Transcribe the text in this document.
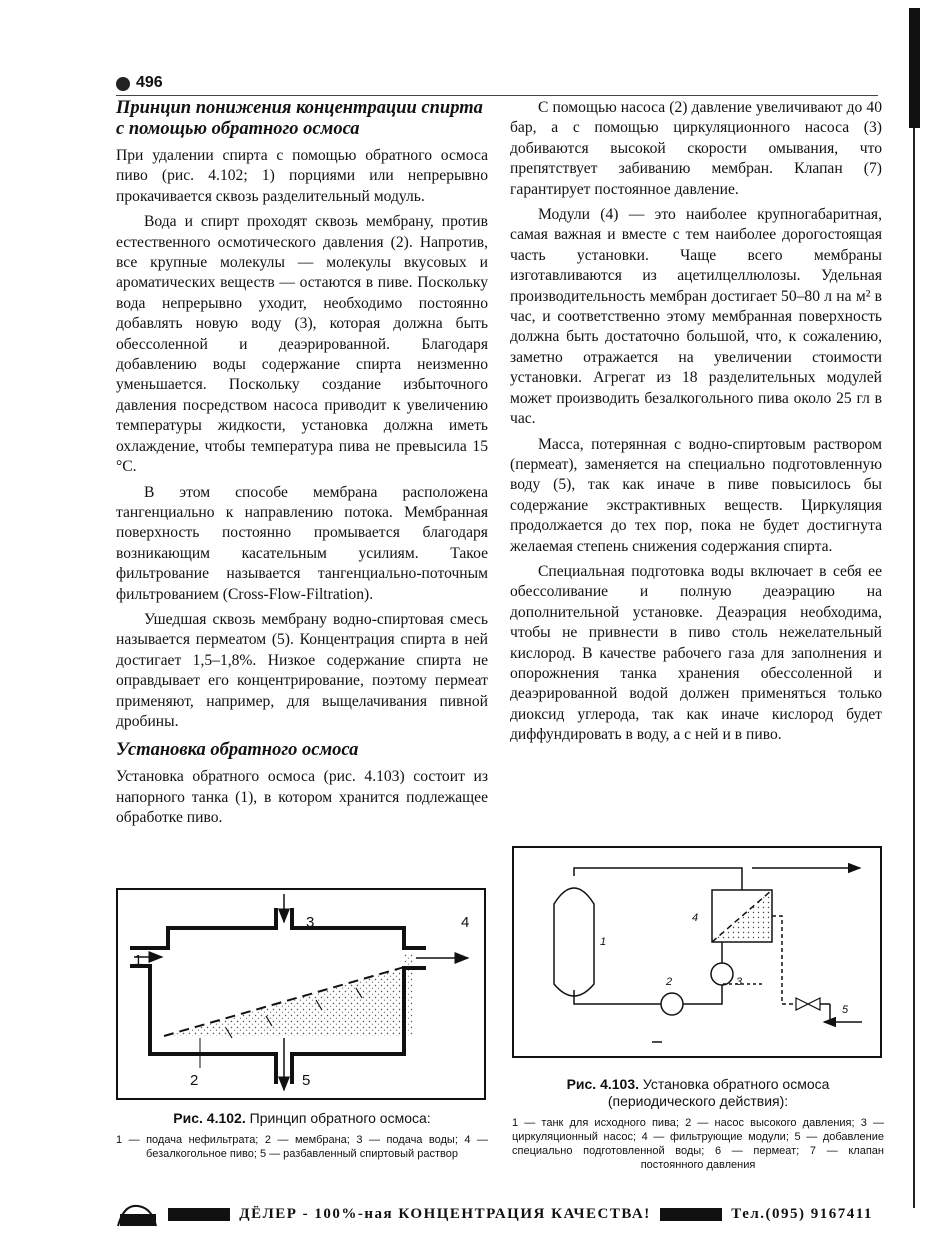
496
Принцип понижения концентрации спирта с помощью обратного осмоса

При удалении спирта с помощью обратного осмоса пиво (рис. 4.102; 1) порциями или непрерывно прокачивается сквозь разделительный модуль.

Вода и спирт проходят сквозь мембрану, против естественного осмотического давления (2). Напротив, все крупные молекулы — молекулы вкусовых и ароматических веществ — остаются в пиве. Поскольку вода непрерывно уходит, необходимо постоянно добавлять новую воду (3), которая должна быть обессоленной и деаэрированной. Благодаря добавлению воды содержание спирта неизменно уменьшается. Поскольку создание избыточного давления посредством насоса приводит к увеличению температуры жидкости, установка должна иметь охлаждение, чтобы температура пива не превысила 15 °С.

В этом способе мембрана расположена тангенциально к направлению потока. Мембранная поверхность постоянно промывается благодаря возникающим касательным усилиям. Такое фильтрование называется тангенциально-поточным фильтрованием (Cross-Flow-Filtration).

Ушедшая сквозь мембрану водно-спиртовая смесь называется пермеатом (5). Концентрация спирта в ней достигает 1,5–1,8%. Низкое содержание спирта не оправдывает его концентрирование, поэтому пермеат применяют, например, для выщелачивания пивной дробины.

Установка обратного осмоса

Установка обратного осмоса (рис. 4.103) состоит из напорного танка (1), в котором хранится подлежащее обработке пиво.

С помощью насоса (2) давление увеличивают до 40 бар, а с помощью циркуляционного насоса (3) добиваются высокой скорости омывания, что препятствует забиванию мембран. Клапан (7) гарантирует постоянное давление.

Модули (4) — это наиболее крупногабаритная, самая важная и вместе с тем наиболее дорогостоящая часть установки. Чаще всего мембраны изготавливаются из ацетилцеллюлозы. Удельная производительность мембран достигает 50–80 л на м² в час, и соответственно этому мембранная поверхность должна быть достаточно большой, что, к сожалению, заметно отражается на увеличении стоимости установки. Агрегат из 18 разделительных модулей может производить безалкогольного пива около 25 гл в час.

Масса, потерянная с водно-спиртовым раствором (пермеат), заменяется на специально подготовленную воду (5), так как иначе в пиве повысилось бы содержание экстрактивных веществ. Циркуляция продолжается до тех пор, пока не будет достигнута желаемая степень снижения содержания спирта.

Специальная подготовка воды включает в себя ее обессоливание и полную деаэрацию на дополнительной установке. Деаэрация необходима, чтобы не привнести в пиво столь нежелательный кислород. В качестве рабочего газа для заполнения и опорожнения танка хранения обессоленной и деаэрированной водой должен применяться только диоксид углерода, так как иначе кислород будет диффундировать в воду, а с ней и в пиво.

1
2
3	4
5
Рис. 4.102. Принцип обратного осмоса:
1 — подача нефильтрата; 2 — мембрана; 3 — подача воды; 4 — безалкогольное пиво; 5 — разбавленный спиртовый раствор
1
2	3
4
5
Рис. 4.103. Установка обратного осмоса (периодического действия):
1 — танк для исходного пива; 2 — насос высокого давления; 3 — циркуляционный насос; 4 — фильтрующие модули; 5 — добавление специально подготовленной воды; 6 — пермеат; 7 — клапан постоянного давления
ДЁЛЕР - 100%-ная КОНЦЕНТРАЦИЯ КАЧЕСТВА!	Тел.(095) 9167411
